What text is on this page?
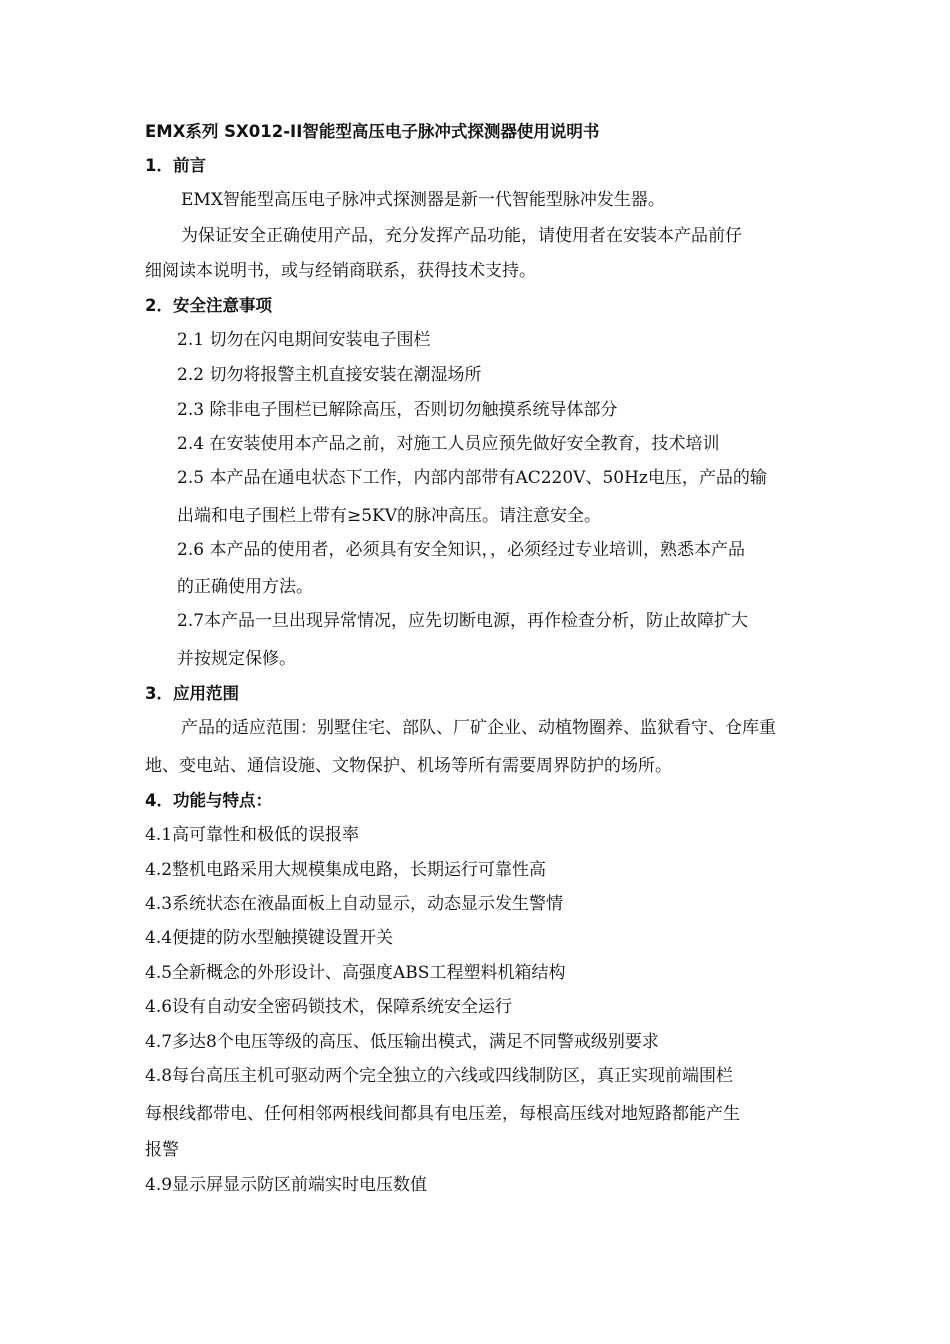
EMX系列 SX012-II智能型高压电子脉冲式探测器使用说明书
1．前言
EMX智能型高压电子脉冲式探测器是新一代智能型脉冲发生器。
为保证安全正确使用产品，充分发挥产品功能，请使用者在安装本产品前仔
细阅读本说明书，或与经销商联系，获得技术支持。
2．安全注意事项
2.1 切勿在闪电期间安装电子围栏
2.2 切勿将报警主机直接安装在潮湿场所
2.3 除非电子围栏已解除高压，否则切勿触摸系统导体部分
2.4 在安装使用本产品之前，对施工人员应预先做好安全教育，技术培训
2.5 本产品在通电状态下工作，内部内部带有AC220V、50Hz电压，产品的输
出端和电子围栏上带有≥5KV的脉冲高压。请注意安全。
2.6 本产品的使用者，必须具有安全知识，，必须经过专业培训，熟悉本产品
的正确使用方法。
2.7本产品一旦出现异常情况，应先切断电源，再作检查分析，防止故障扩大
并按规定保修。
3．应用范围
产品的适应范围：别墅住宅、部队、厂矿企业、动植物圈养、监狱看守、仓库重
地、变电站、通信设施、文物保护、机场等所有需要周界防护的场所。
4．功能与特点：
4.1高可靠性和极低的误报率
4.2整机电路采用大规模集成电路，长期运行可靠性高
4.3系统状态在液晶面板上自动显示，动态显示发生警情
4.4便捷的防水型触摸键设置开关
4.5全新概念的外形设计、高强度ABS工程塑料机箱结构
4.6设有自动安全密码锁技术，保障系统安全运行
4.7多达8个电压等级的高压、低压输出模式，满足不同警戒级别要求
4.8每台高压主机可驱动两个完全独立的六线或四线制防区，真正实现前端围栏
每根线都带电、任何相邻两根线间都具有电压差，每根高压线对地短路都能产生
报警
4.9显示屏显示防区前端实时电压数值
